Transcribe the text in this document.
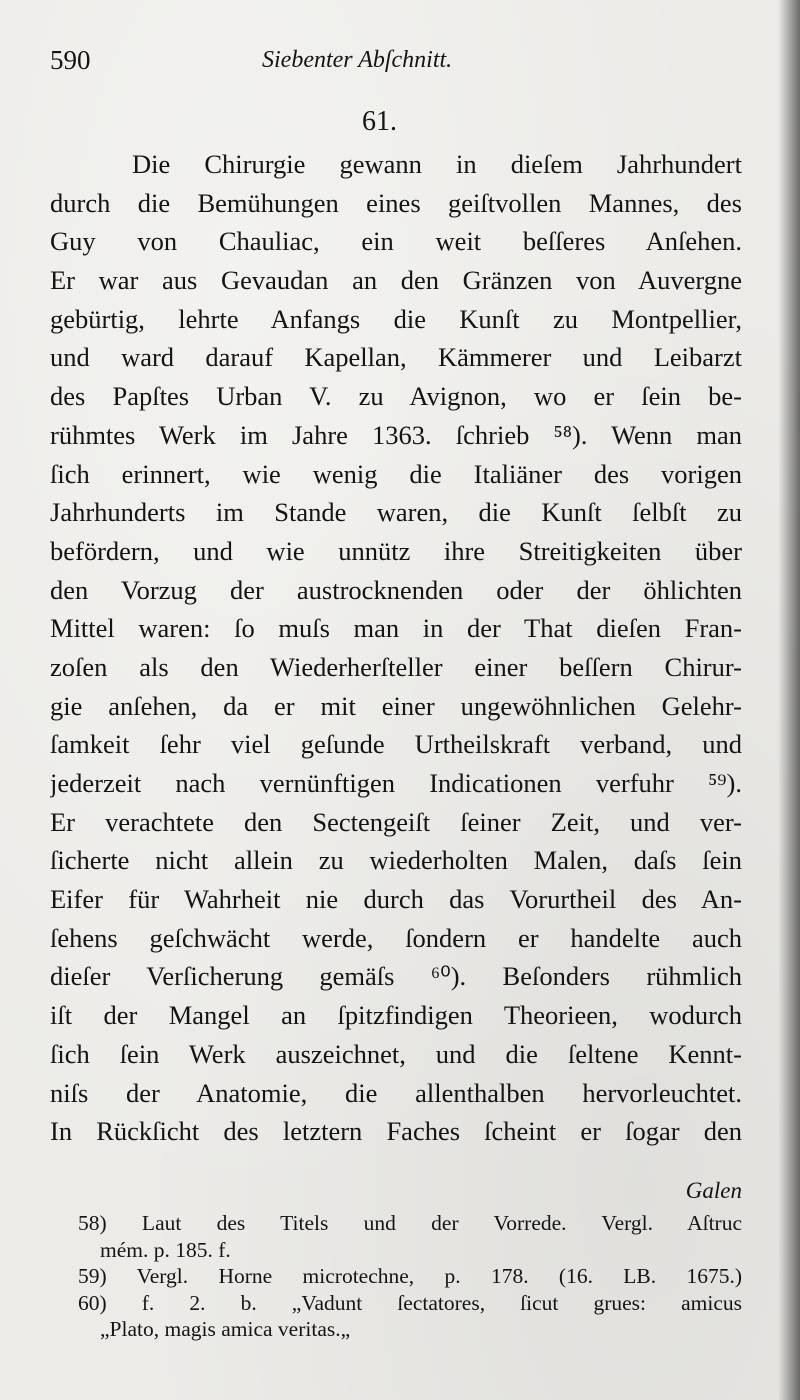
590	Siebenter Abſchnitt.
61.
Die Chirurgie gewann in dieſem Jahrhundert
durch die Bemühungen eines geiſtvollen Mannes, des
Guy von Chauliac, ein weit beſſeres Anſehen.
Er war aus Gevaudan an den Gränzen von Auvergne
gebürtig, lehrte Anfangs die Kunſt zu Montpellier,
und ward darauf Kapellan, Kämmerer und Leibarzt
des Papſtes Urban V. zu Avignon, wo er ſein be-
rühmtes Werk im Jahre 1363. ſchrieb ⁵⁸). Wenn man
ſich erinnert, wie wenig die Italiäner des vorigen
Jahrhunderts im Stande waren, die Kunſt ſelbſt zu
befördern, und wie unnütz ihre Streitigkeiten über
den Vorzug der austrocknenden oder der öhlichten
Mittel waren: ſo muſs man in der That dieſen Fran-
zoſen als den Wiederherſteller einer beſſern Chirur-
gie anſehen, da er mit einer ungewöhnlichen Gelehr-
ſamkeit ſehr viel geſunde Urtheilskraft verband, und
jederzeit nach vernünftigen Indicationen verfuhr ⁵⁹).
Er verachtete den Sectengeiſt ſeiner Zeit, und ver-
ſicherte nicht allein zu wiederholten Malen, daſs ſein
Eifer für Wahrheit nie durch das Vorurtheil des An-
ſehens geſchwächt werde, ſondern er handelte auch
dieſer Verſicherung gemäſs ⁶⁰). Beſonders rühmlich
iſt der Mangel an ſpitzfindigen Theorieen, wodurch
ſich ſein Werk auszeichnet, und die ſeltene Kennt-
niſs der Anatomie, die allenthalben hervorleuchtet.
In Rückſicht des letztern Faches ſcheint er ſogar den
Galen
58) Laut des Titels und der Vorrede. Vergl. Aſtruc
mém. p. 185. f.
59) Vergl. Horne microtechne, p. 178. (16. LB. 1675.)
60) f. 2. b. „Vadunt ſectatores, ſicut grues: amicus
„Plato, magis amica veritas.„
